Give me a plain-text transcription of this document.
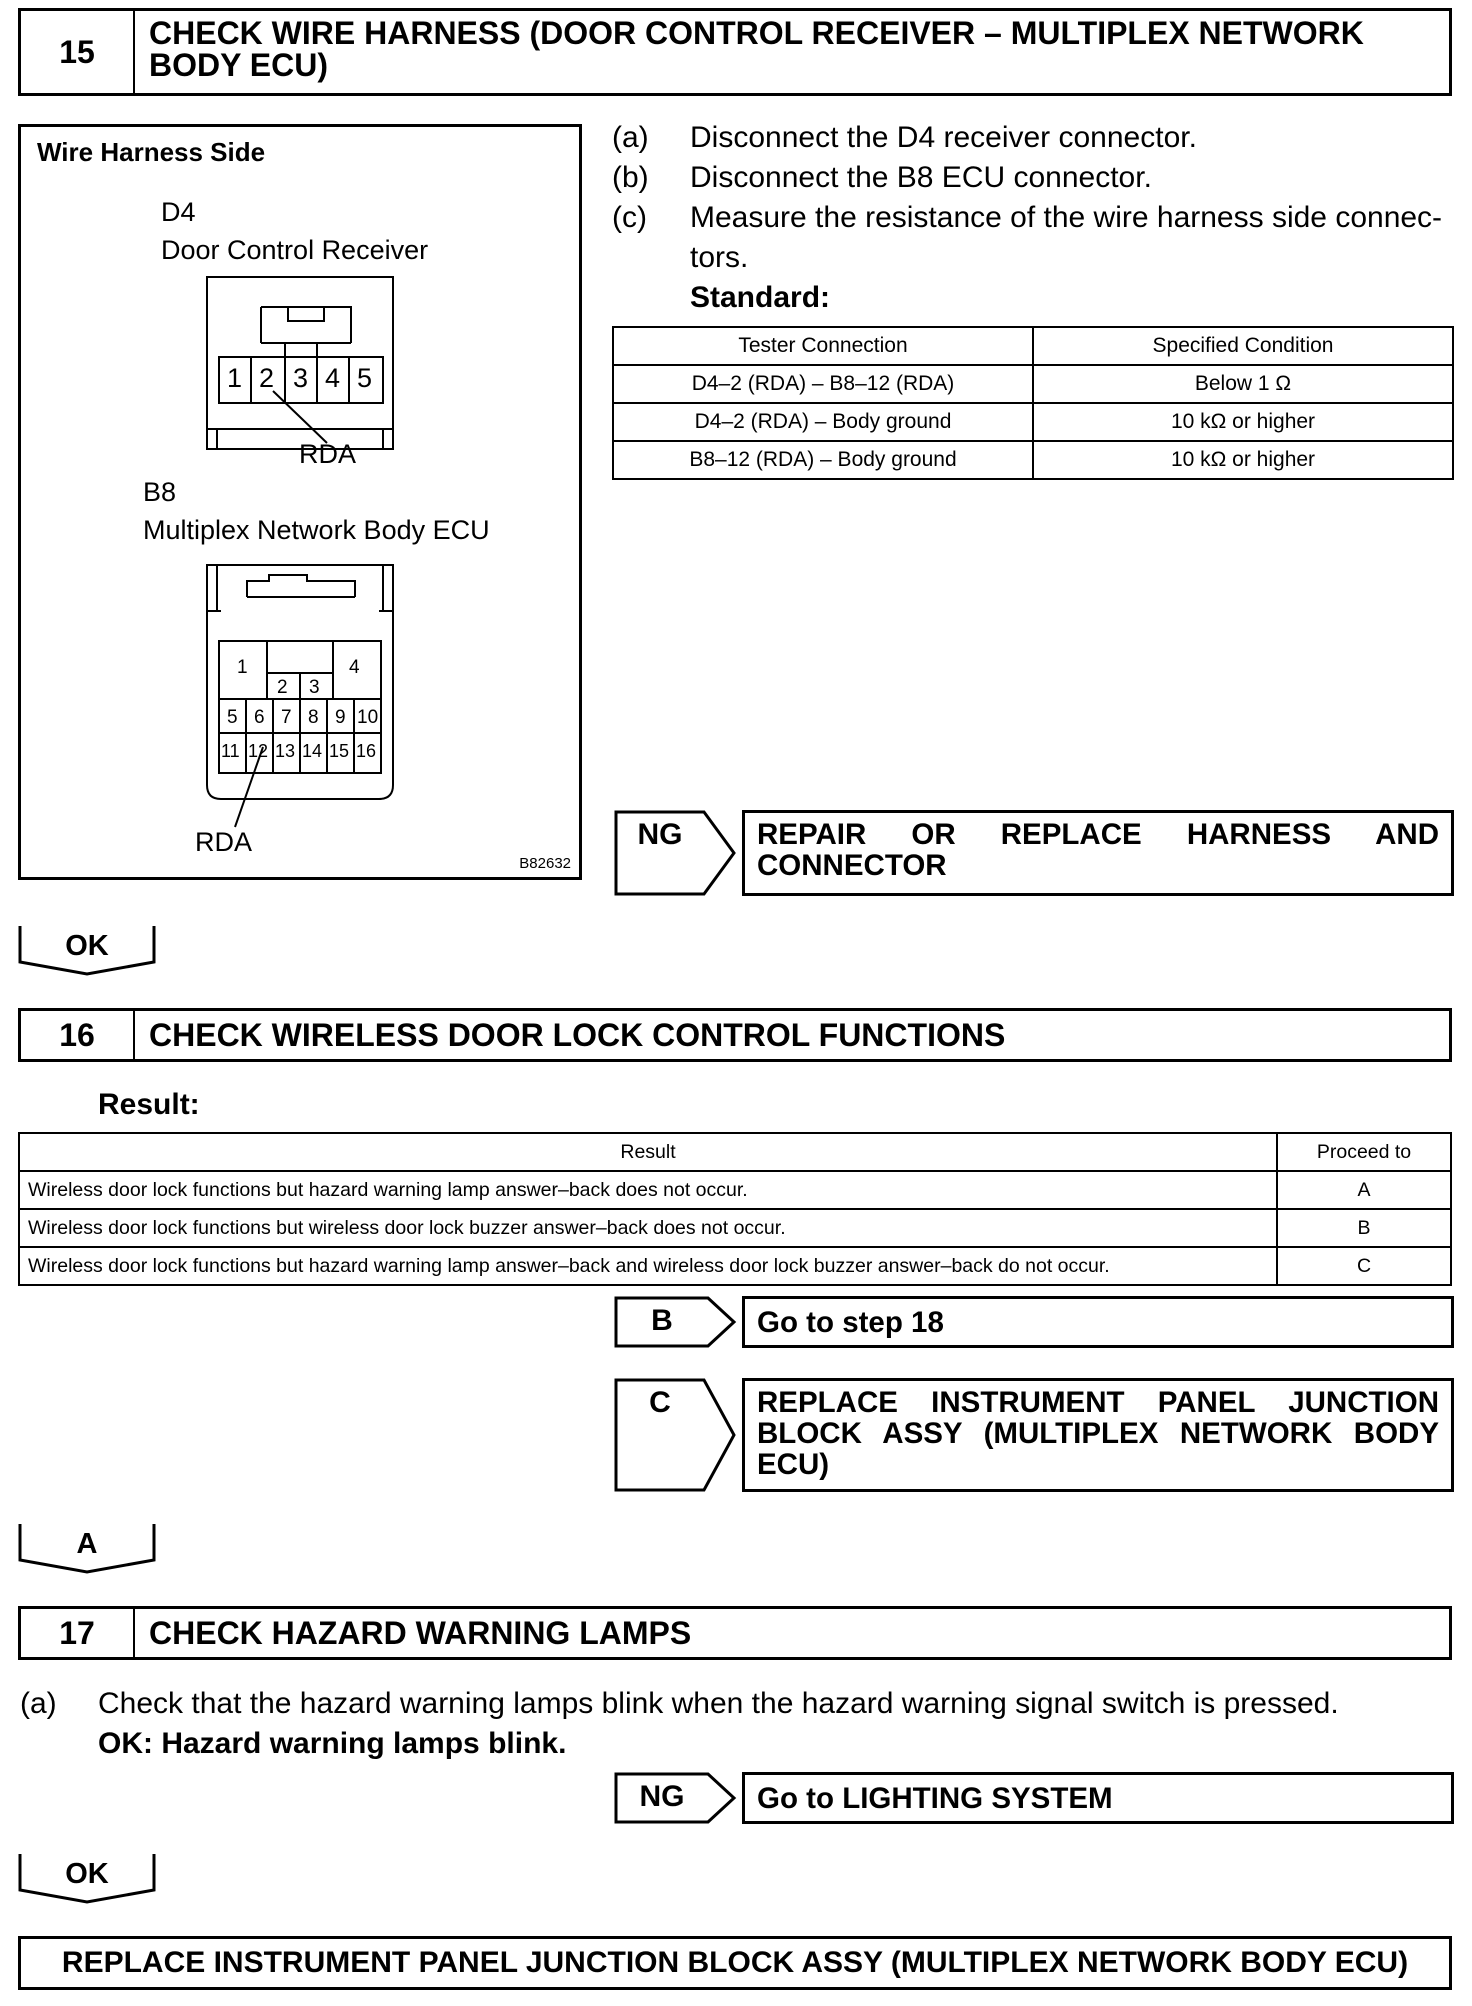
15
CHECK WIRE HARNESS (DOOR CONTROL RECEIVER – MULTIPLEX NETWORK
BODY ECU)
Wire Harness Side
D4
Door Control Receiver
1 2 3 4 5
RDA
B8
Multiplex Network Body ECU
1
2 3
4
5 6 7 8 9 10
11 12 13 14 15 16
RDA
B82632
(a) Disconnect the D4 receiver connector.
(b) Disconnect the B8 ECU connector.
(c) Measure the resistance of the wire harness side connec-
tors.
Standard:
Tester Connection	Specified Condition
D4–2 (RDA) – B8–12 (RDA)	Below 1 Ω
D4–2 (RDA) – Body ground	10 kΩ or higher
B8–12 (RDA) – Body ground	10 kΩ or higher
NG	REPAIR OR REPLACE HARNESS AND
CONNECTOR
OK
16	CHECK WIRELESS DOOR LOCK CONTROL FUNCTIONS
Result:
Result	Proceed to
Wireless door lock functions but hazard warning lamp answer–back does not occur.	A
Wireless door lock functions but wireless door lock buzzer answer–back does not occur.	B
Wireless door lock functions but hazard warning lamp answer–back and wireless door lock buzzer answer–back do not occur.	C
B	Go to step 18
C	REPLACE INSTRUMENT PANEL JUNCTION
BLOCK ASSY (MULTIPLEX NETWORK BODY
ECU)
A
17	CHECK HAZARD WARNING LAMPS
(a) Check that the hazard warning lamps blink when the hazard warning signal switch is pressed.
OK: Hazard warning lamps blink.
NG	Go to LIGHTING SYSTEM
OK
REPLACE INSTRUMENT PANEL JUNCTION BLOCK ASSY (MULTIPLEX NETWORK BODY ECU)
